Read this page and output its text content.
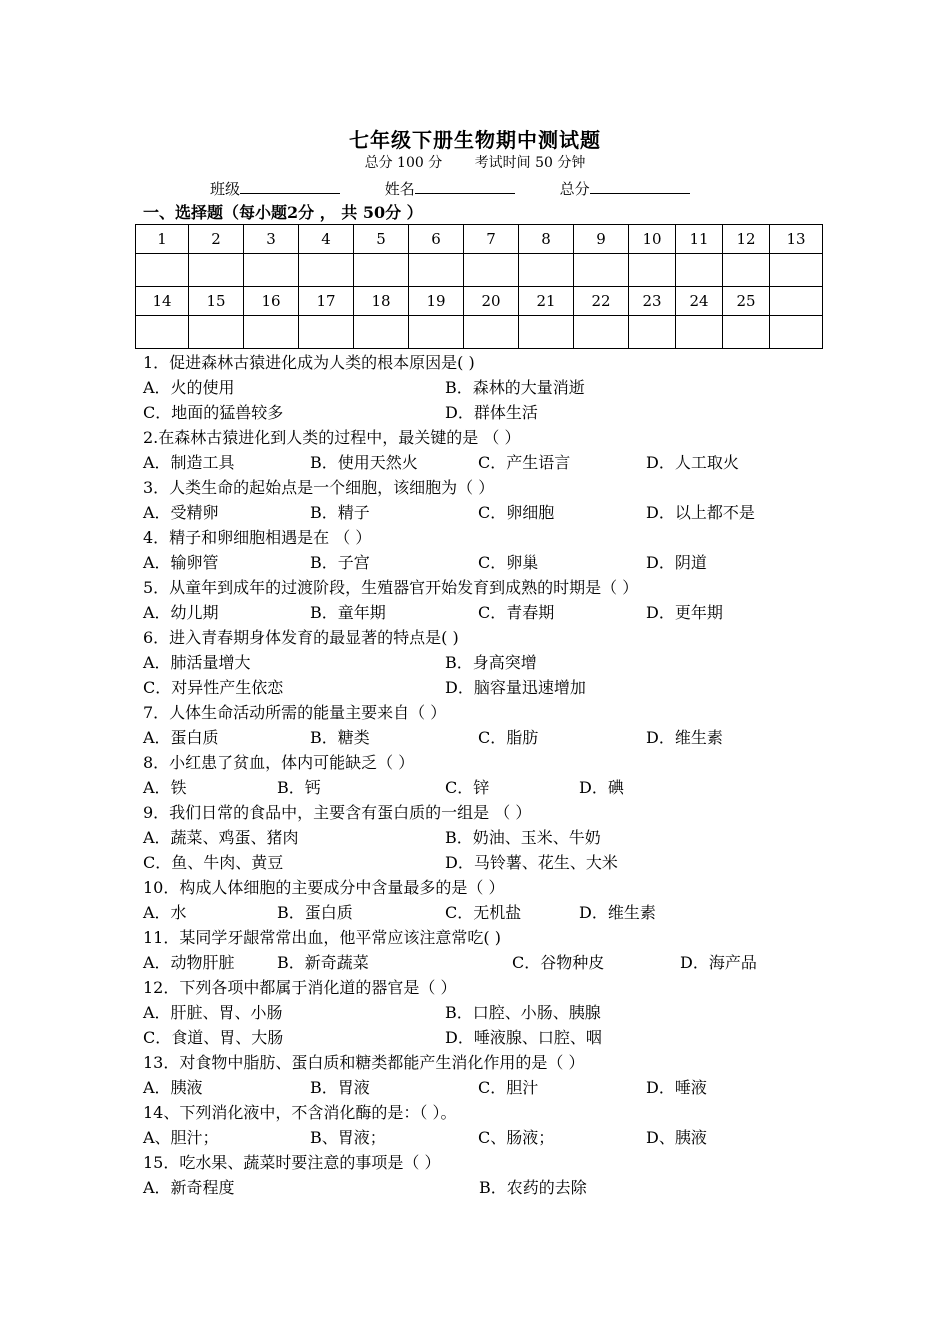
七年级下册生物期中测试题
总分 100 分 考试时间 50 分钟
班级	姓名	总分
一、选择题（每小题2分 ， 共 50分 ）
1	2	3	4	5	6	7	8	9	10	11	12	13

14	15	16	17	18	19	20	21	22	23	24	25	

1．促进森林古猿进化成为人类的根本原因是( )
A．火的使用	B．森林的大量消逝
C．地面的猛兽较多	D．群体生活
2.在森林古猿进化到人类的过程中，最关键的是 （ ）
A．制造工具	B．使用天然火	C．产生语言	D．人工取火
3．人类生命的起始点是一个细胞，该细胞为（ ）
A．受精卵	B．精子	C．卵细胞	D．以上都不是
4．精子和卵细胞相遇是在 （ ）
A．输卵管	B．子宫	C．卵巢	D．阴道
5．从童年到成年的过渡阶段，生殖器官开始发育到成熟的时期是（ ）
A．幼儿期	B．童年期	C．青春期	D．更年期
6．进入青春期身体发育的最显著的特点是( )
A．肺活量增大	B．身高突增
C．对异性产生依恋	D．脑容量迅速增加
7．人体生命活动所需的能量主要来自（ ）
A．蛋白质	B．糖类	C．脂肪	D．维生素
8．小红患了贫血，体内可能缺乏（ ）
A．铁	B．钙	C．锌	D．碘
9．我们日常的食品中，主要含有蛋白质的一组是 （ ）
A．蔬菜、鸡蛋、猪肉	B．奶油、玉米、牛奶
C．鱼、牛肉、黄豆	D．马铃薯、花生、大米
10．构成人体细胞的主要成分中含量最多的是（ ）
A．水	B．蛋白质	C．无机盐	D．维生素
11．某同学牙龈常常出血，他平常应该注意常吃( )
A．动物肝脏	B．新奇蔬菜	C．谷物种皮	D．海产品
12．下列各项中都属于消化道的器官是（ ）
A．肝脏、胃、小肠	B．口腔、小肠、胰腺
C．食道、胃、大肠	D．唾液腺、口腔、咽
13．对食物中脂肪、蛋白质和糖类都能产生消化作用的是（ ）
A．胰液	B．胃液	C．胆汁	D．唾液
14、下列消化液中，不含消化酶的是：（ ）。
A、胆汁；	B、胃液；	C、肠液；	D、胰液
15．吃水果、蔬菜时要注意的事项是（ ）
A．新奇程度	B．农药的去除
